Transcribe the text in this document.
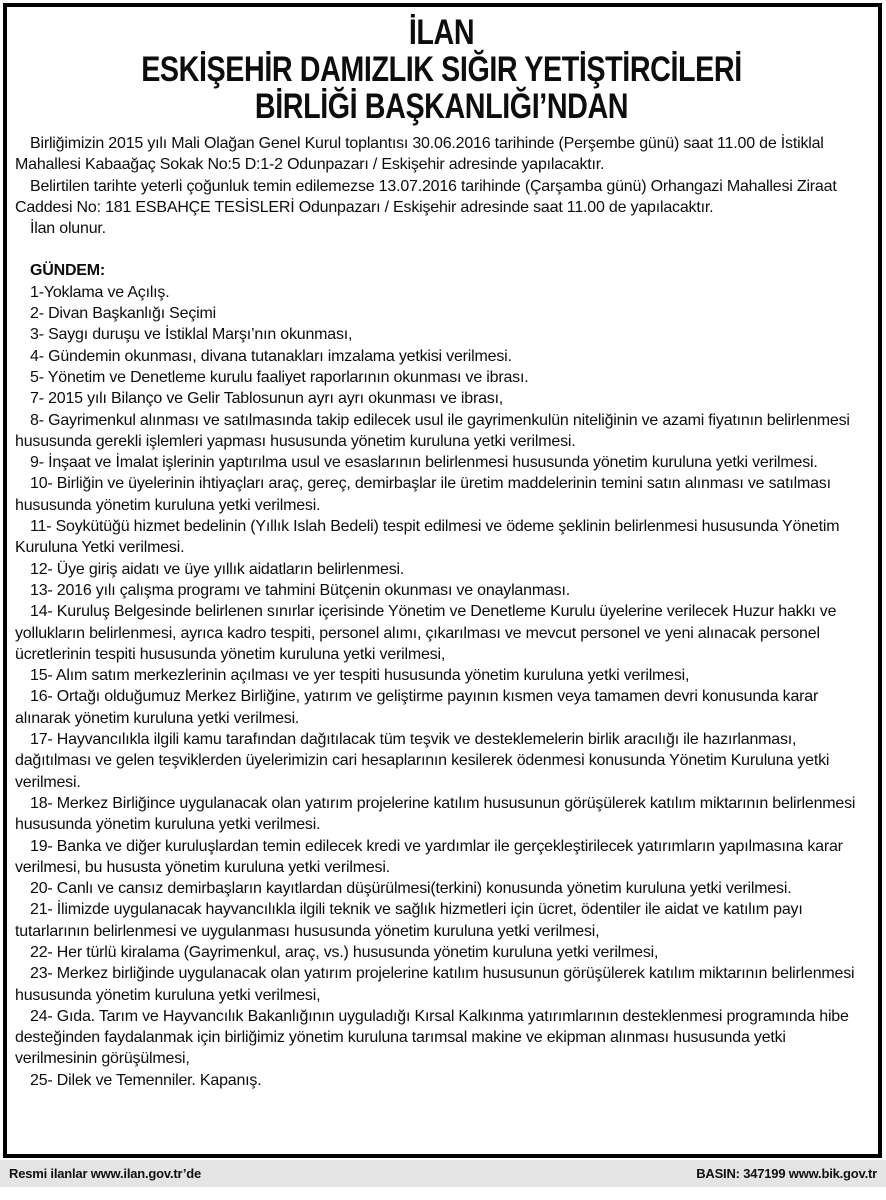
İLAN
ESKİŞEHİR DAMIZLIK SIĞIR YETİŞTİRCİLERİ
BİRLİĞİ BAŞKANLIĞI’NDAN

Birliğimizin 2015 yılı Mali Olağan Genel Kurul toplantısı 30.06.2016 tarihinde (Perşembe günü) saat 11.00 de İstiklal Mahallesi Kabaağaç Sokak No:5 D:1-2 Odunpazarı / Eskişehir adresinde yapılacaktır.

Belirtilen tarihte yeterli çoğunluk temin edilemezse 13.07.2016 tarihinde (Çarşamba günü) Orhangazi Mahallesi Ziraat Caddesi No: 181 ESBAHÇE TESİSLERİ Odunpazarı / Eskişehir adresinde saat 11.00 de yapılacaktır.

İlan olunur.

GÜNDEM:

1-Yoklama ve Açılış.

2- Divan Başkanlığı Seçimi

3- Saygı duruşu ve İstiklal Marşı’nın okunması,

4- Gündemin okunması, divana tutanakları imzalama yetkisi verilmesi.

5- Yönetim ve Denetleme kurulu faaliyet raporlarının okunması ve ibrası.

7- 2015 yılı Bilanço ve Gelir Tablosunun ayrı ayrı okunması ve ibrası,

8- Gayrimenkul alınması ve satılmasında takip edilecek usul ile gayrimenkulün niteliğinin ve azami fiyatının belirlenmesi hususunda gerekli işlemleri yapması hususunda yönetim kuruluna yetki verilmesi.

9- İnşaat ve İmalat işlerinin yaptırılma usul ve esaslarının belirlenmesi hususunda yönetim kuruluna yetki verilmesi.

10- Birliğin ve üyelerinin ihtiyaçları araç, gereç, demirbaşlar ile üretim maddelerinin temini satın alınması ve satılması hususunda yönetim kuruluna yetki verilmesi.

11- Soykütüğü hizmet bedelinin (Yıllık Islah Bedeli) tespit edilmesi ve ödeme şeklinin belirlenmesi hususunda Yönetim Kuruluna Yetki verilmesi.

12- Üye giriş aidatı ve üye yıllık aidatların belirlenmesi.

13- 2016 yılı çalışma programı ve tahmini Bütçenin okunması ve onaylanması.

14- Kuruluş Belgesinde belirlenen sınırlar içerisinde Yönetim ve Denetleme Kurulu üyelerine verilecek Huzur hakkı ve yollukların belirlenmesi, ayrıca kadro tespiti, personel alımı, çıkarılması ve mevcut personel ve yeni alınacak personel ücretlerinin tespiti hususunda yönetim kuruluna yetki verilmesi,

15- Alım satım merkezlerinin açılması ve yer tespiti hususunda yönetim kuruluna yetki verilmesi,

16- Ortağı olduğumuz Merkez Birliğine, yatırım ve geliştirme payının kısmen veya tamamen devri konusunda karar alınarak yönetim kuruluna yetki verilmesi.

17- Hayvancılıkla ilgili kamu tarafından dağıtılacak tüm teşvik ve desteklemelerin birlik aracılığı ile hazırlanması, dağıtılması ve gelen teşviklerden üyelerimizin cari hesaplarının kesilerek ödenmesi konusunda Yönetim Kuruluna yetki verilmesi.

18- Merkez Birliğince uygulanacak olan yatırım projelerine katılım hususunun görüşülerek katılım miktarının belirlenmesi hususunda yönetim kuruluna yetki verilmesi.

19- Banka ve diğer kuruluşlardan temin edilecek kredi ve yardımlar ile gerçekleştirilecek yatırımların yapılmasına karar verilmesi, bu hususta yönetim kuruluna yetki verilmesi.

20- Canlı ve cansız demirbaşların kayıtlardan düşürülmesi(terkini) konusunda yönetim kuruluna yetki verilmesi.

21- İlimizde uygulanacak hayvancılıkla ilgili teknik ve sağlık hizmetleri için ücret, ödentiler ile aidat ve katılım payı tutarlarının belirlenmesi ve uygulanması hususunda yönetim kuruluna yetki verilmesi,

22- Her türlü kiralama (Gayrimenkul, araç, vs.) hususunda yönetim kuruluna yetki verilmesi,

23- Merkez birliğinde uygulanacak olan yatırım projelerine katılım hususunun görüşülerek katılım miktarının belirlenmesi hususunda yönetim kuruluna yetki verilmesi,

24- Gıda. Tarım ve Hayvancılık Bakanlığının uyguladığı Kırsal Kalkınma yatırımlarının desteklenmesi programında hibe desteğinden faydalanmak için birliğimiz yönetim kuruluna tarımsal makine ve ekipman alınması hususunda yetki verilmesinin görüşülmesi,

25- Dilek ve Temenniler. Kapanış.

Resmi ilanlar www.ilan.gov.tr’de	BASIN: 347199 www.bik.gov.tr
